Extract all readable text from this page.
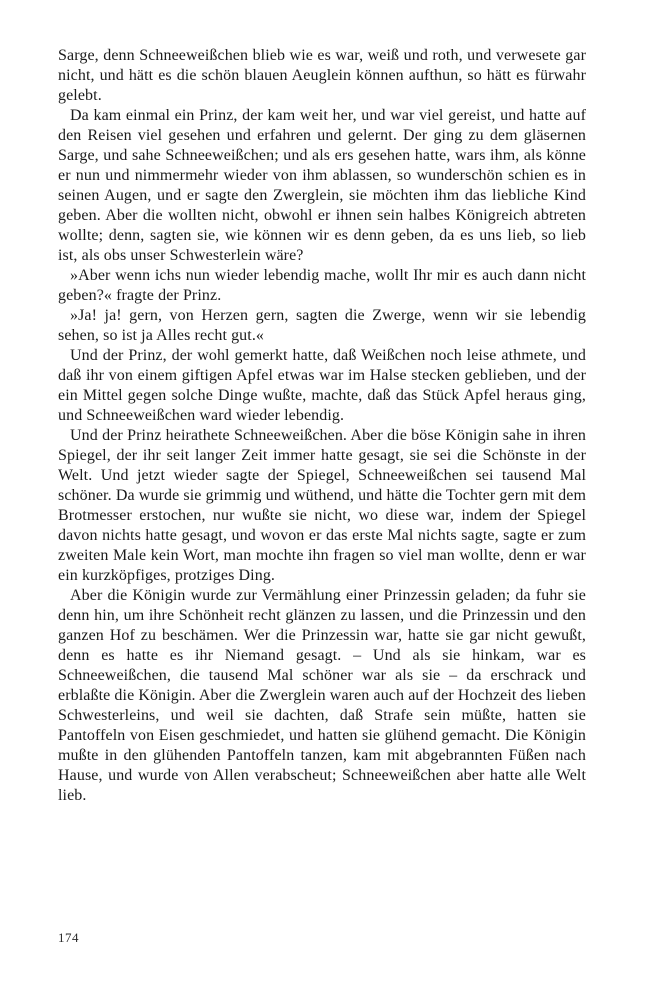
Sarge, denn Schneeweißchen blieb wie es war, weiß und roth, und verwesete gar nicht, und hätt es die schön blauen Aeuglein können aufthun, so hätt es fürwahr gelebt.

Da kam einmal ein Prinz, der kam weit her, und war viel gereist, und hatte auf den Reisen viel gesehen und erfahren und gelernt. Der ging zu dem gläsernen Sarge, und sahe Schneeweißchen; und als ers gesehen hatte, wars ihm, als könne er nun und nimmermehr wieder von ihm ablassen, so wunderschön schien es in seinen Augen, und er sagte den Zwerglein, sie möchten ihm das liebliche Kind geben. Aber die wollten nicht, obwohl er ihnen sein halbes Königreich abtreten wollte; denn, sagten sie, wie können wir es denn geben, da es uns lieb, so lieb ist, als obs unser Schwesterlein wäre?

»Aber wenn ichs nun wieder lebendig mache, wollt Ihr mir es auch dann nicht geben?« fragte der Prinz.

»Ja! ja! gern, von Herzen gern, sagten die Zwerge, wenn wir sie lebendig sehen, so ist ja Alles recht gut.«

Und der Prinz, der wohl gemerkt hatte, daß Weißchen noch leise athmete, und daß ihr von einem giftigen Apfel etwas war im Halse stecken geblieben, und der ein Mittel gegen solche Dinge wußte, machte, daß das Stück Apfel heraus ging, und Schneeweißchen ward wieder lebendig.

Und der Prinz heirathete Schneeweißchen. Aber die böse Königin sahe in ihren Spiegel, der ihr seit langer Zeit immer hatte gesagt, sie sei die Schönste in der Welt. Und jetzt wieder sagte der Spiegel, Schneeweißchen sei tausend Mal schöner. Da wurde sie grimmig und wüthend, und hätte die Tochter gern mit dem Brotmesser erstochen, nur wußte sie nicht, wo diese war, indem der Spiegel davon nichts hatte gesagt, und wovon er das erste Mal nichts sagte, sagte er zum zweiten Male kein Wort, man mochte ihn fragen so viel man wollte, denn er war ein kurzköpfiges, protziges Ding.

Aber die Königin wurde zur Vermählung einer Prinzessin geladen; da fuhr sie denn hin, um ihre Schönheit recht glänzen zu lassen, und die Prinzessin und den ganzen Hof zu beschämen. Wer die Prinzessin war, hatte sie gar nicht gewußt, denn es hatte es ihr Niemand gesagt. – Und als sie hinkam, war es Schneeweißchen, die tausend Mal schöner war als sie – da erschrack und erblaßte die Königin. Aber die Zwerglein waren auch auf der Hochzeit des lieben Schwesterleins, und weil sie dachten, daß Strafe sein müßte, hatten sie Pantoffeln von Eisen geschmiedet, und hatten sie glühend gemacht. Die Königin mußte in den glühenden Pantoffeln tanzen, kam mit abgebrannten Füßen nach Hause, und wurde von Allen verabscheut; Schneeweißchen aber hatte alle Welt lieb.

174
